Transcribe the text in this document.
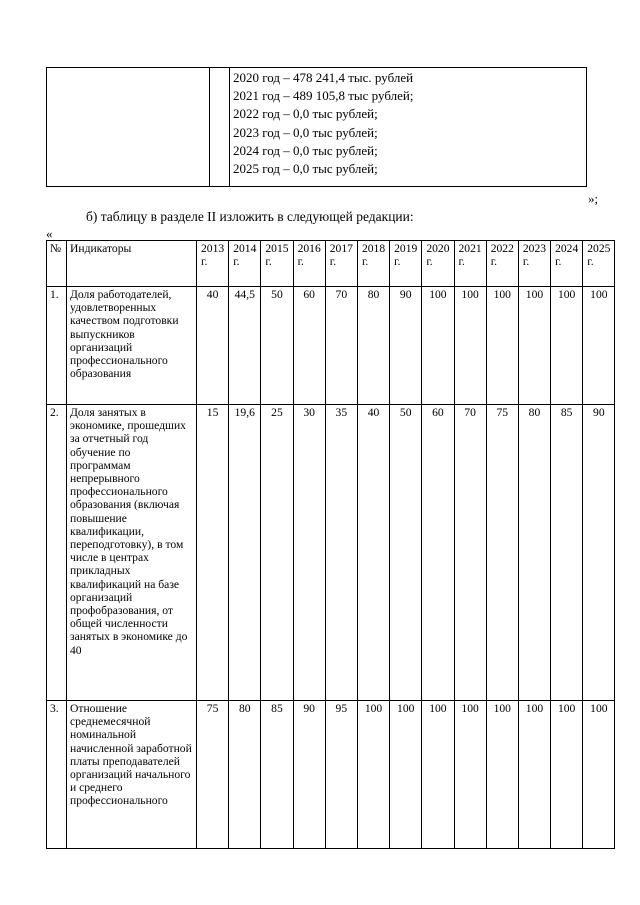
2020 год – 478 241,4 тыс. рублей
2021 год – 489 105,8 тыс рублей;
2022 год – 0,0 тыс рублей;
2023 год – 0,0 тыс рублей;
2024 год – 0,0 тыс рублей;
2025 год – 0,0 тыс рублей;
»;
б) таблицу в разделе II изложить в следующей редакции:
«
№	Индикаторы	2013 г.	2014 г.	2015 г.	2016 г.	2017 г.	2018 г.	2019 г.	2020 г.	2021 г.	2022 г.	2023 г.	2024 г.	2025 г.
1.	Доля работодателей, удовлетворенных качеством подготовки выпускников организаций профессионального образования	40	44,5	50	60	70	80	90	100	100	100	100	100	100
2.	Доля занятых в экономике, прошедших за отчетный год обучение по программам непрерывного профессионального образования (включая повышение квалификации, переподготовку), в том числе в центрах прикладных квалификаций на базе организаций профобразования, от общей численности занятых в экономике до 40	15	19,6	25	30	35	40	50	60	70	75	80	85	90
3.	Отношение среднемесячной номинальной начисленной заработной платы преподавателей организаций начального и среднего профессионального	75	80	85	90	95	100	100	100	100	100	100	100	100
